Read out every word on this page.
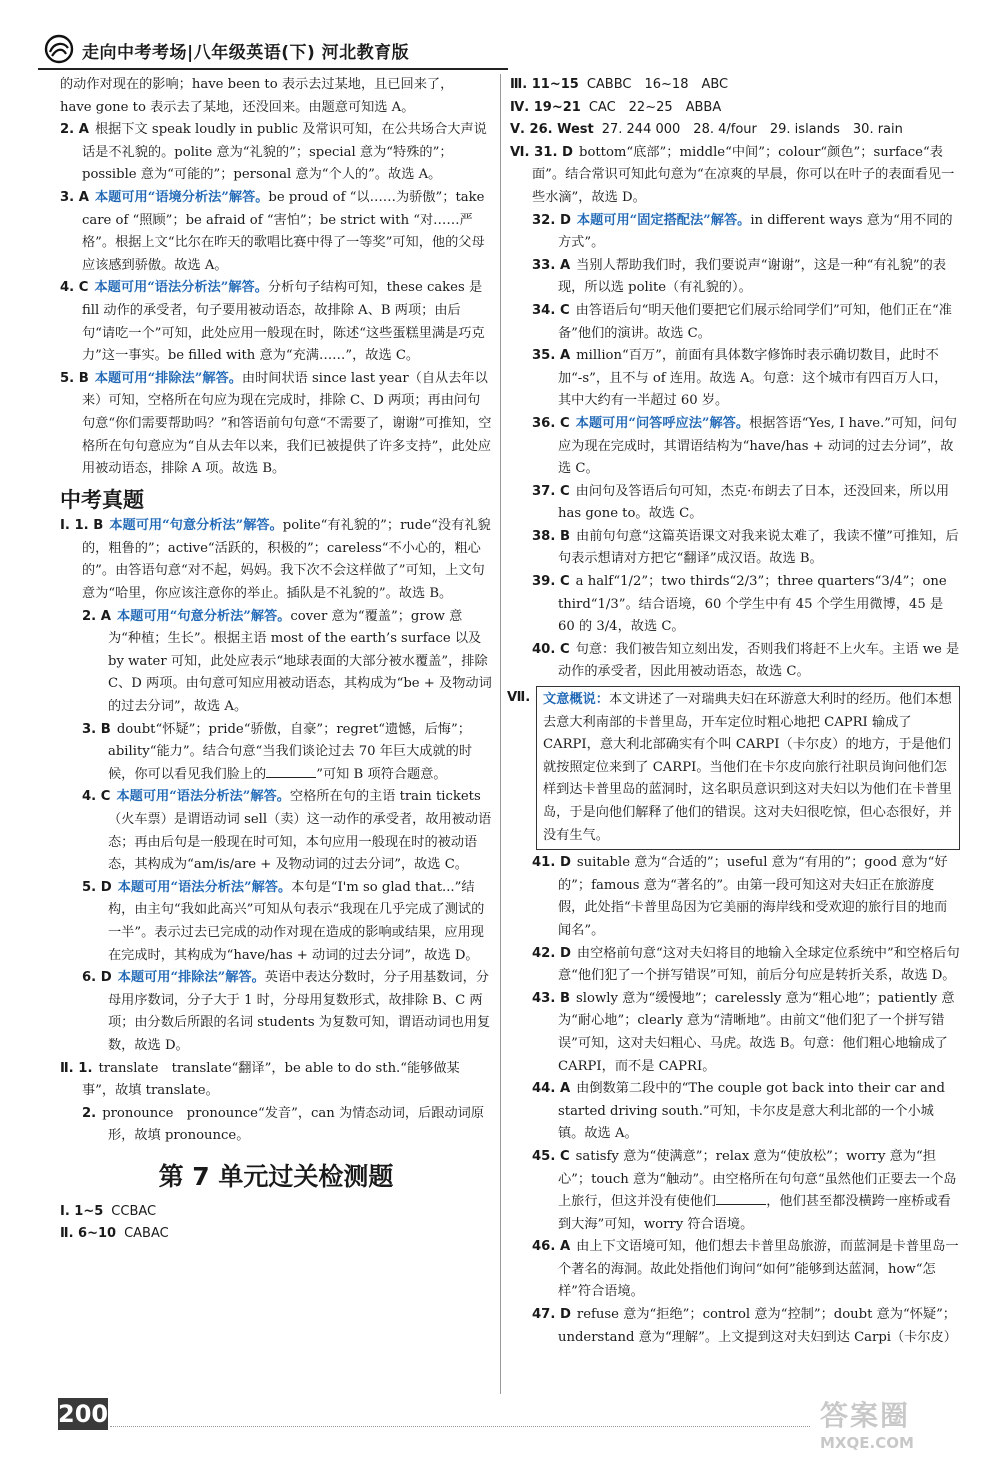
走向中考考场|八年级英语(下) 河北教育版
的动作对现在的影响；have been to 表示去过某地，且已回来了，
have gone to 表示去了某地，还没回来。由题意可知选 A。
2. A 根据下文 speak loudly in public 及常识可知，在公共场合大声说话是不礼貌的。polite 意为“礼貌的”；special 意为“特殊的”；possible 意为“可能的”；personal 意为“个人的”。故选 A。
3. A 本题可用“语境分析法”解答。be proud of “以……为骄傲”；take care of “照顾”；be afraid of “害怕”；be strict with “对……严格”。根据上文“比尔在昨天的歌唱比赛中得了一等奖”可知，他的父母应该感到骄傲。故选 A。
4. C 本题可用“语法分析法”解答。分析句子结构可知，these cakes 是 fill 动作的承受者，句子要用被动语态，故排除 A、B 两项；由后句“请吃一个”可知，此处应用一般现在时，陈述“这些蛋糕里满是巧克力”这一事实。be filled with 意为“充满……”，故选 C。
5. B 本题可用“排除法”解答。由时间状语 since last year（自从去年以来）可知，空格所在句应为现在完成时，排除 C、D 两项；再由问句句意“你们需要帮助吗？”和答语前句句意“不需要了，谢谢”可推知，空格所在句句意应为“自从去年以来，我们已被提供了许多支持”，此处应用被动语态，排除 A 项。故选 B。
中考真题
Ⅰ. 1. B 本题可用“句意分析法”解答。polite“有礼貌的”；rude“没有礼貌的，粗鲁的”；active“活跃的，积极的”；careless“不小心的，粗心的”。由答语句意“对不起，妈妈。我下次不会这样做了”可知，上文句意为“哈里，你应该注意你的举止。插队是不礼貌的”。故选 B。
2. A 本题可用“句意分析法”解答。cover 意为“覆盖”；grow 意为“种植；生长”。根据主语 most of the earth’s surface 以及 by water 可知，此处应表示“地球表面的大部分被水覆盖”，排除 C、D 两项。由句意可知应用被动语态，其构成为“be + 及物动词的过去分词”，故选 A。
3. B doubt“怀疑”；pride“骄傲，自豪”；regret“遗憾，后悔”；ability“能力”。结合句意“当我们谈论过去 70 年巨大成就的时候，你可以看见我们脸上的	”可知 B 项符合题意。
4. C 本题可用“语法分析法”解答。空格所在句的主语 train tickets（火车票）是谓语动词 sell（卖）这一动作的承受者，故用被动语态；再由后句是一般现在时可知，本句应用一般现在时的被动语态，其构成为“am/is/are + 及物动词的过去分词”，故选 C。
5. D 本题可用“语法分析法”解答。本句是“I'm so glad that...”结构，由主句“我如此高兴”可知从句表示“我现在几乎完成了测试的一半”。表示过去已完成的动作对现在造成的影响或结果，应用现在完成时，其构成为“have/has + 动词的过去分词”，故选 D。
6. D 本题可用“排除法”解答。英语中表达分数时，分子用基数词，分母用序数词，分子大于 1 时，分母用复数形式，故排除 B、C 两项；由分数后所跟的名词 students 为复数可知，谓语动词也用复数，故选 D。
Ⅱ. 1. translate　translate“翻译”，be able to do sth.“能够做某事”，故填 translate。
2. pronounce　pronounce“发音”，can 为情态动词，后跟动词原形，故填 pronounce。
第 7 单元过关检测题
Ⅰ. 1~5 CCBAC
Ⅱ. 6~10 CABAC
Ⅲ. 11~15 CABBC　16~18　ABC
Ⅳ. 19~21 CAC　22~25　ABBA
Ⅴ. 26. West 27. 244 000　28. 4/four　29. islands　30. rain
Ⅵ. 31. D bottom“底部”；middle“中间”；colour“颜色”；surface“表面”。结合常识可知此句意为“在凉爽的早晨，你可以在叶子的表面看见一些水滴”，故选 D。
32. D 本题可用“固定搭配法”解答。in different ways 意为“用不同的方式”。
33. A 当别人帮助我们时，我们要说声“谢谢”，这是一种“有礼貌”的表现，所以选 polite（有礼貌的）。
34. C 由答语后句“明天他们要把它们展示给同学们”可知，他们正在“准备”他们的演讲。故选 C。
35. A million“百万”，前面有具体数字修饰时表示确切数目，此时不加“-s”，且不与 of 连用。故选 A。句意：这个城市有四百万人口，其中大约有一半超过 60 岁。
36. C 本题可用“问答呼应法”解答。根据答语“Yes, I have.”可知，问句应为现在完成时，其谓语结构为“have/has + 动词的过去分词”，故选 C。
37. C 由问句及答语后句可知，杰克·布朗去了日本，还没回来，所以用 has gone to。故选 C。
38. B 由前句句意“这篇英语课文对我来说太难了，我读不懂”可推知，后句表示想请对方把它“翻译”成汉语。故选 B。
39. C a half“1/2”；two thirds“2/3”；three quarters“3/4”；one third“1/3”。结合语境，60 个学生中有 45 个学生用微博，45 是 60 的 3/4，故选 C。
40. C 句意：我们被告知立刻出发，否则我们将赶不上火车。主语 we 是动作的承受者，因此用被动语态，故选 C。
Ⅶ. 文意概说：本文讲述了一对瑞典夫妇在环游意大利时的经历。他们本想去意大利南部的卡普里岛，开车定位时粗心地把 CAPRI 输成了 CARPI，意大利北部确实有个叫 CARPI（卡尔皮）的地方，于是他们就按照定位来到了 CARPI。当他们在卡尔皮向旅行社职员询问他们怎样到达卡普里岛的蓝洞时，这名职员意识到这对夫妇以为他们在卡普里岛，于是向他们解释了他们的错误。这对夫妇很吃惊，但心态很好，并没有生气。
41. D suitable 意为“合适的”；useful 意为“有用的”；good 意为“好的”；famous 意为“著名的”。由第一段可知这对夫妇正在旅游度假，此处指“卡普里岛因为它美丽的海岸线和受欢迎的旅行目的地而闻名”。
42. D 由空格前句意“这对夫妇将目的地输入全球定位系统中”和空格后句意“他们犯了一个拼写错误”可知，前后分句应是转折关系，故选 D。
43. B slowly 意为“缓慢地”；carelessly 意为“粗心地”；patiently 意为“耐心地”；clearly 意为“清晰地”。由前文“他们犯了一个拼写错误”可知，这对夫妇粗心、马虎。故选 B。句意：他们粗心地输成了 CARPI，而不是 CAPRI。
44. A 由倒数第二段中的“The couple got back into their car and started driving south.”可知，卡尔皮是意大利北部的一个小城镇。故选 A。
45. C satisfy 意为“使满意”；relax 意为“使放松”；worry 意为“担心”；touch 意为“触动”。由空格所在句句意“虽然他们正要去一个岛上旅行，但这并没有使他们	，他们甚至都没横跨一座桥或看到大海”可知，worry 符合语境。
46. A 由上下文语境可知，他们想去卡普里岛旅游，而蓝洞是卡普里岛一个著名的海洞。故此处指他们询问“如何”能够到达蓝洞，how“怎样”符合语境。
47. D refuse 意为“拒绝”；control 意为“控制”；doubt 意为“怀疑”；understand 意为“理解”。上文提到这对夫妇到达 Carpi（卡尔皮）
200	答案圈
MXQE.COM
